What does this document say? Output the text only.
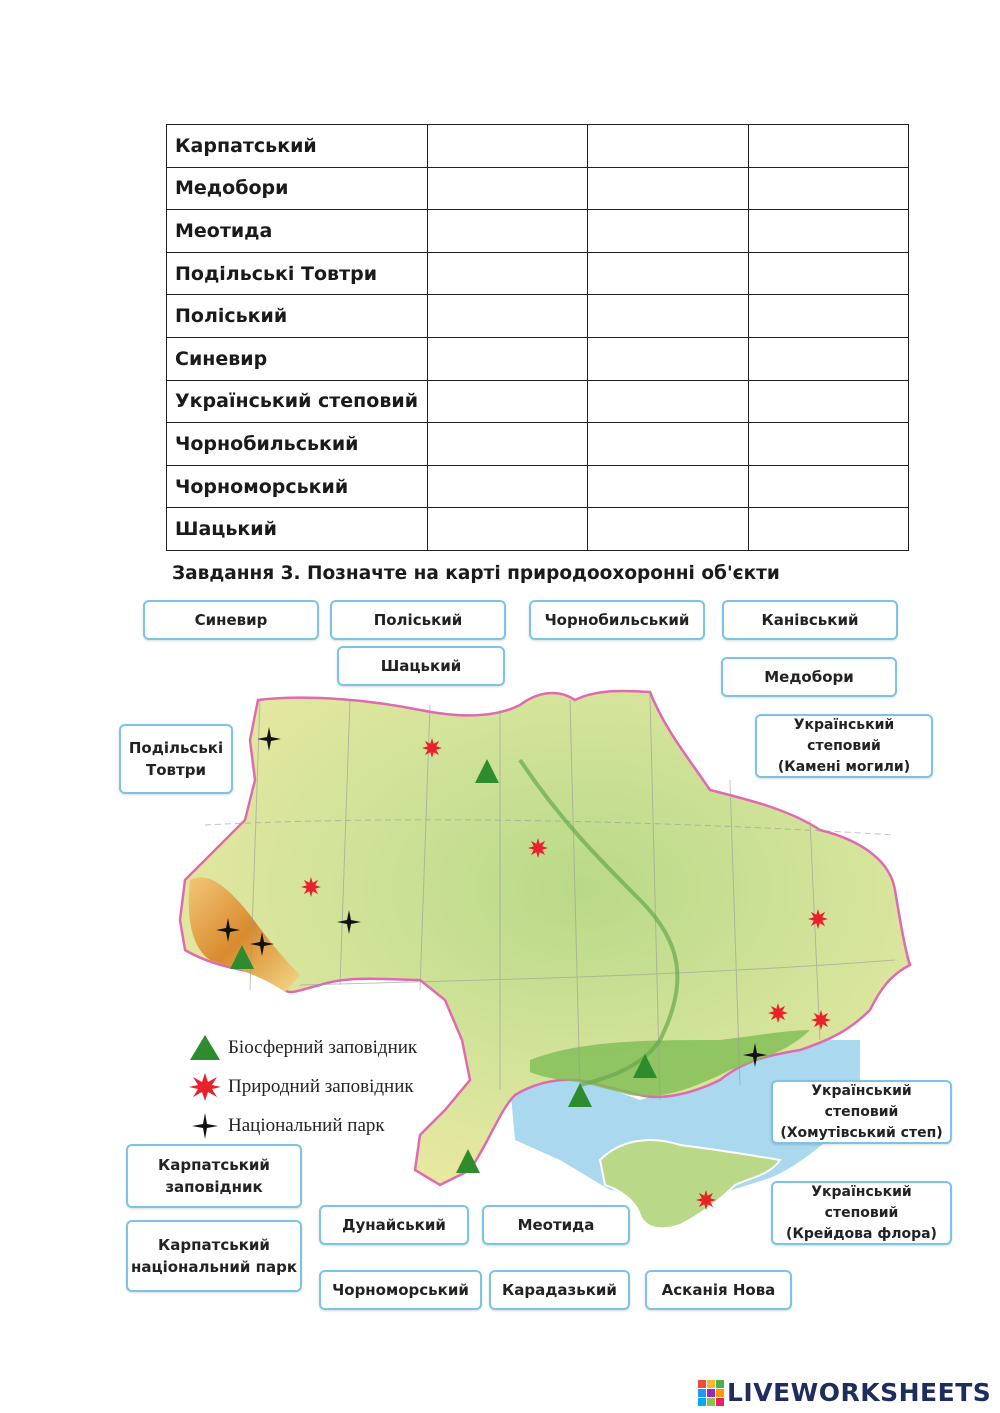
Карпатський			
Медобори			
Меотида			
Подільські Товтри			
Поліський			
Синевир			
Український степовий			
Чорнобильський			
Чорноморський			
Шацький			
Завдання 3. Позначте на карті природоохоронні об'єкти
Синевир	Поліський	Чорнобильський	Канівський
Шацький
Медобори
Подільські
Товтри
Український степовий
(Камені могили)
Український степовий
(Хомутівський степ)
Український степовий
(Крейдова флора)
Карпатський
заповідник
Карпатський
національний парк
Дунайський	Меотида
Чорноморський Карадазький	Асканія Нова
Біосферний заповідник
Природний заповідник
Національний парк
LIVEWORKSHEETS
